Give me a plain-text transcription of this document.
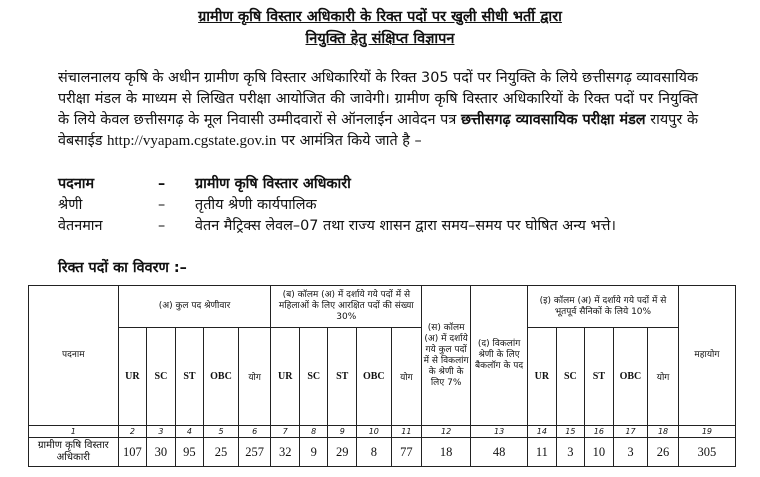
ग्रामीण कृषि विस्तार अधिकारी के रिक्त पदों पर खुली सीधी भर्ती द्वारा
नियुक्ति हेतु संक्षिप्त विज्ञापन
संचालनालय कृषि के अधीन ग्रामीण कृषि विस्तार अधिकारियों के रिक्त 305 पदों पर नियुक्ति के लिये छत्तीसगढ़ व्यावसायिक परीक्षा मंडल के माध्यम से लिखित परीक्षा आयोजित की जावेगी। ग्रामीण कृषि विस्तार अधिकारियों के रिक्त पदों पर नियुक्ति के लिये केवल छत्तीसगढ़ के मूल निवासी उम्मीदवारों से ऑनलाईन आवेदन पत्र छत्तीसगढ़ व्यावसायिक परीक्षा मंडल रायपुर के वेबसाईड http://vyapam.cgstate.gov.in पर आमंत्रित किये जाते है –
पदनाम	– ग्रामीण कृषि विस्तार अधिकारी
श्रेणी	– तृतीय श्रेणी कार्यपालिक
वेतनमान	– वेतन मैट्रिक्स लेवल–07 तथा राज्य शासन द्वारा समय–समय पर घोषित अन्य भत्ते।
रिक्त पदों का विवरण :–
पदनाम	(अ) कुल पद श्रेणीवार					(ब) कॉलम (अ) में दर्शाये गये पदों में से महिलाओं के लिए आरक्षित पदों की संख्या 30%					(स) कॉलम (अ) में दर्शाये गये कुल पदों में से विकलांग के श्रेणी के लिए 7%	(द) विकलांग श्रेणी के लिए बैकलॉग के पद	(इ) कॉलम (अ) में दर्शाये गये पदों में से भूतपूर्व सैनिकों के लिये 10%					महायोग
	UR	SC	ST	OBC	योग	UR	SC	ST	OBC	योग			UR	SC	ST	OBC	योग	
1	2	3	4	5	6	7	8	9	10	11	12	13	14	15	16	17	18	19
ग्रामीण कृषि विस्तार अधिकारी	107	30	95	25	257	32	9	29	8	77	18	48	11	3	10	3	26	305
